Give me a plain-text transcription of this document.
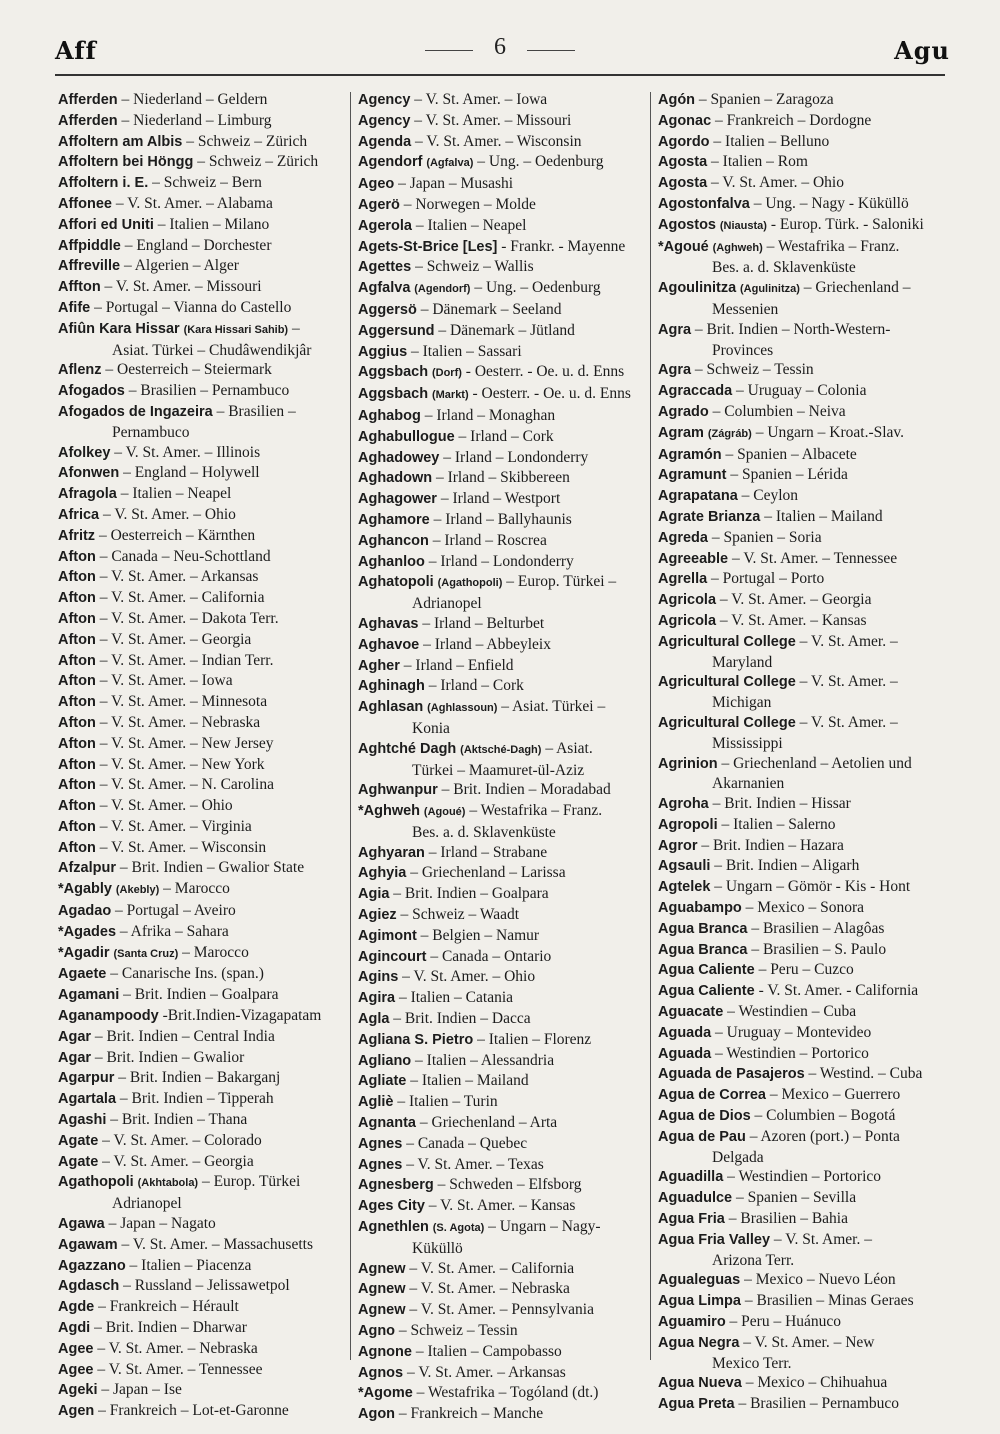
Aff	6	Agu
Afferden – Niederland – Geldern
Afferden – Niederland – Limburg
Affoltern am Albis – Schweiz – Zürich
Affoltern bei Höngg – Schweiz – Zürich
Affoltern i. E. – Schweiz – Bern
Affonee – V. St. Amer. – Alabama
Affori ed Uniti – Italien – Milano
Affpiddle – England – Dorchester
Affreville – Algerien – Alger
Affton – V. St. Amer. – Missouri
Afife – Portugal – Vianna do Castello
Afiûn Kara Hissar (Kara Hissari Sahib) –
Asiat. Türkei – Chudâwendikjâr
Aflenz – Oesterreich – Steiermark
Afogados – Brasilien – Pernambuco
Afogados de Ingazeira – Brasilien –
Pernambuco
Afolkey – V. St. Amer. – Illinois
Afonwen – England – Holywell
Afragola – Italien – Neapel
Africa – V. St. Amer. – Ohio
Afritz – Oesterreich – Kärnthen
Afton – Canada – Neu-Schottland
Afton – V. St. Amer. – Arkansas
Afton – V. St. Amer. – California
Afton – V. St. Amer. – Dakota Terr.
Afton – V. St. Amer. – Georgia
Afton – V. St. Amer. – Indian Terr.
Afton – V. St. Amer. – Iowa
Afton – V. St. Amer. – Minnesota
Afton – V. St. Amer. – Nebraska
Afton – V. St. Amer. – New Jersey
Afton – V. St. Amer. – New York
Afton – V. St. Amer. – N. Carolina
Afton – V. St. Amer. – Ohio
Afton – V. St. Amer. – Virginia
Afton – V. St. Amer. – Wisconsin
Afzalpur – Brit. Indien – Gwalior State
*Agably (Akebly) – Marocco
Agadao – Portugal – Aveiro
*Agades – Afrika – Sahara
*Agadir (Santa Cruz) – Marocco
Agaete – Canarische Ins. (span.)
Agamani – Brit. Indien – Goalpara
Aganampoody -Brit.Indien-Vizagapatam
Agar – Brit. Indien – Central India
Agar – Brit. Indien – Gwalior
Agarpur – Brit. Indien – Bakarganj
Agartala – Brit. Indien – Tipperah
Agashi – Brit. Indien – Thana
Agate – V. St. Amer. – Colorado
Agate – V. St. Amer. – Georgia
Agathopoli (Akhtabola) – Europ. Türkei
Adrianopel
Agawa – Japan – Nagato
Agawam – V. St. Amer. – Massachusetts
Agazzano – Italien – Piacenza
Agdasch – Russland – Jelissawetpol
Agde – Frankreich – Hérault
Agdi – Brit. Indien – Dharwar
Agee – V. St. Amer. – Nebraska
Agee – V. St. Amer. – Tennessee
Ageki – Japan – Ise
Agen – Frankreich – Lot-et-Garonne
Agency – V. St. Amer. – Iowa
Agency – V. St. Amer. – Missouri
Agenda – V. St. Amer. – Wisconsin
Agendorf (Agfalva) – Ung. – Oedenburg
Ageo – Japan – Musashi
Agerö – Norwegen – Molde
Agerola – Italien – Neapel
Agets-St-Brice [Les] - Frankr. - Mayenne
Agettes – Schweiz – Wallis
Agfalva (Agendorf) – Ung. – Oedenburg
Aggersö – Dänemark – Seeland
Aggersund – Dänemark – Jütland
Aggius – Italien – Sassari
Aggsbach (Dorf) - Oesterr. - Oe. u. d. Enns
Aggsbach (Markt) - Oesterr. - Oe. u. d. Enns
Aghabog – Irland – Monaghan
Aghabullogue – Irland – Cork
Aghadowey – Irland – Londonderry
Aghadown – Irland – Skibbereen
Aghagower – Irland – Westport
Aghamore – Irland – Ballyhaunis
Aghancon – Irland – Roscrea
Aghanloo – Irland – Londonderry
Aghatopoli (Agathopoli) – Europ. Türkei –
Adrianopel
Aghavas – Irland – Belturbet
Aghavoe – Irland – Abbeyleix
Agher – Irland – Enfield
Aghinagh – Irland – Cork
Aghlasan (Aghlassoun) – Asiat. Türkei –
Konia
Aghtché Dagh (Aktsché-Dagh) – Asiat.
Türkei – Maamuret-ül-Aziz
Aghwanpur – Brit. Indien – Moradabad
*Aghweh (Agoué) – Westafrika – Franz.
Bes. a. d. Sklavenküste
Aghyaran – Irland – Strabane
Aghyia – Griechenland – Larissa
Agia – Brit. Indien – Goalpara
Agiez – Schweiz – Waadt
Agimont – Belgien – Namur
Agincourt – Canada – Ontario
Agins – V. St. Amer. – Ohio
Agira – Italien – Catania
Agla – Brit. Indien – Dacca
Agliana S. Pietro – Italien – Florenz
Agliano – Italien – Alessandria
Agliate – Italien – Mailand
Agliè – Italien – Turin
Agnanta – Griechenland – Arta
Agnes – Canada – Quebec
Agnes – V. St. Amer. – Texas
Agnesberg – Schweden – Elfsborg
Ages City – V. St. Amer. – Kansas
Agnethlen (S. Agota) – Ungarn – Nagy-
Küküllö
Agnew – V. St. Amer. – California
Agnew – V. St. Amer. – Nebraska
Agnew – V. St. Amer. – Pennsylvania
Agno – Schweiz – Tessin
Agnone – Italien – Campobasso
Agnos – V. St. Amer. – Arkansas
*Agome – Westafrika – Togóland (dt.)
Agon – Frankreich – Manche
Agón – Spanien – Zaragoza
Agonac – Frankreich – Dordogne
Agordo – Italien – Belluno
Agosta – Italien – Rom
Agosta – V. St. Amer. – Ohio
Agostonfalva – Ung. – Nagy - Küküllö
Agostos (Niausta) - Europ. Türk. - Saloniki
*Agoué (Aghweh) – Westafrika – Franz.
Bes. a. d. Sklavenküste
Agoulinitza (Agulinitza) – Griechenland –
Messenien
Agra – Brit. Indien – North-Western-
Provinces
Agra – Schweiz – Tessin
Agraccada – Uruguay – Colonia
Agrado – Columbien – Neiva
Agram (Zágráb) – Ungarn – Kroat.-Slav.
Agramón – Spanien – Albacete
Agramunt – Spanien – Lérida
Agrapatana – Ceylon
Agrate Brianza – Italien – Mailand
Agreda – Spanien – Soria
Agreeable – V. St. Amer. – Tennessee
Agrella – Portugal – Porto
Agricola – V. St. Amer. – Georgia
Agricola – V. St. Amer. – Kansas
Agricultural College – V. St. Amer. –
Maryland
Agricultural College – V. St. Amer. –
Michigan
Agricultural College – V. St. Amer. –
Mississippi
Agrinion – Griechenland – Aetolien und
Akarnanien
Agroha – Brit. Indien – Hissar
Agropoli – Italien – Salerno
Agror – Brit. Indien – Hazara
Agsauli – Brit. Indien – Aligarh
Agtelek – Ungarn – Gömör - Kis - Hont
Aguabampo – Mexico – Sonora
Agua Branca – Brasilien – Alagôas
Agua Branca – Brasilien – S. Paulo
Agua Caliente – Peru – Cuzco
Agua Caliente - V. St. Amer. - California
Aguacate – Westindien – Cuba
Aguada – Uruguay – Montevideo
Aguada – Westindien – Portorico
Aguada de Pasajeros – Westind. – Cuba
Agua de Correa – Mexico – Guerrero
Agua de Dios – Columbien – Bogotá
Agua de Pau – Azoren (port.) – Ponta
Delgada
Aguadilla – Westindien – Portorico
Aguadulce – Spanien – Sevilla
Agua Fria – Brasilien – Bahia
Agua Fria Valley – V. St. Amer. –
Arizona Terr.
Agualeguas – Mexico – Nuevo Léon
Agua Limpa – Brasilien – Minas Geraes
Aguamiro – Peru – Huánuco
Agua Negra – V. St. Amer. – New
Mexico Terr.
Agua Nueva – Mexico – Chihuahua
Agua Preta – Brasilien – Pernambuco
